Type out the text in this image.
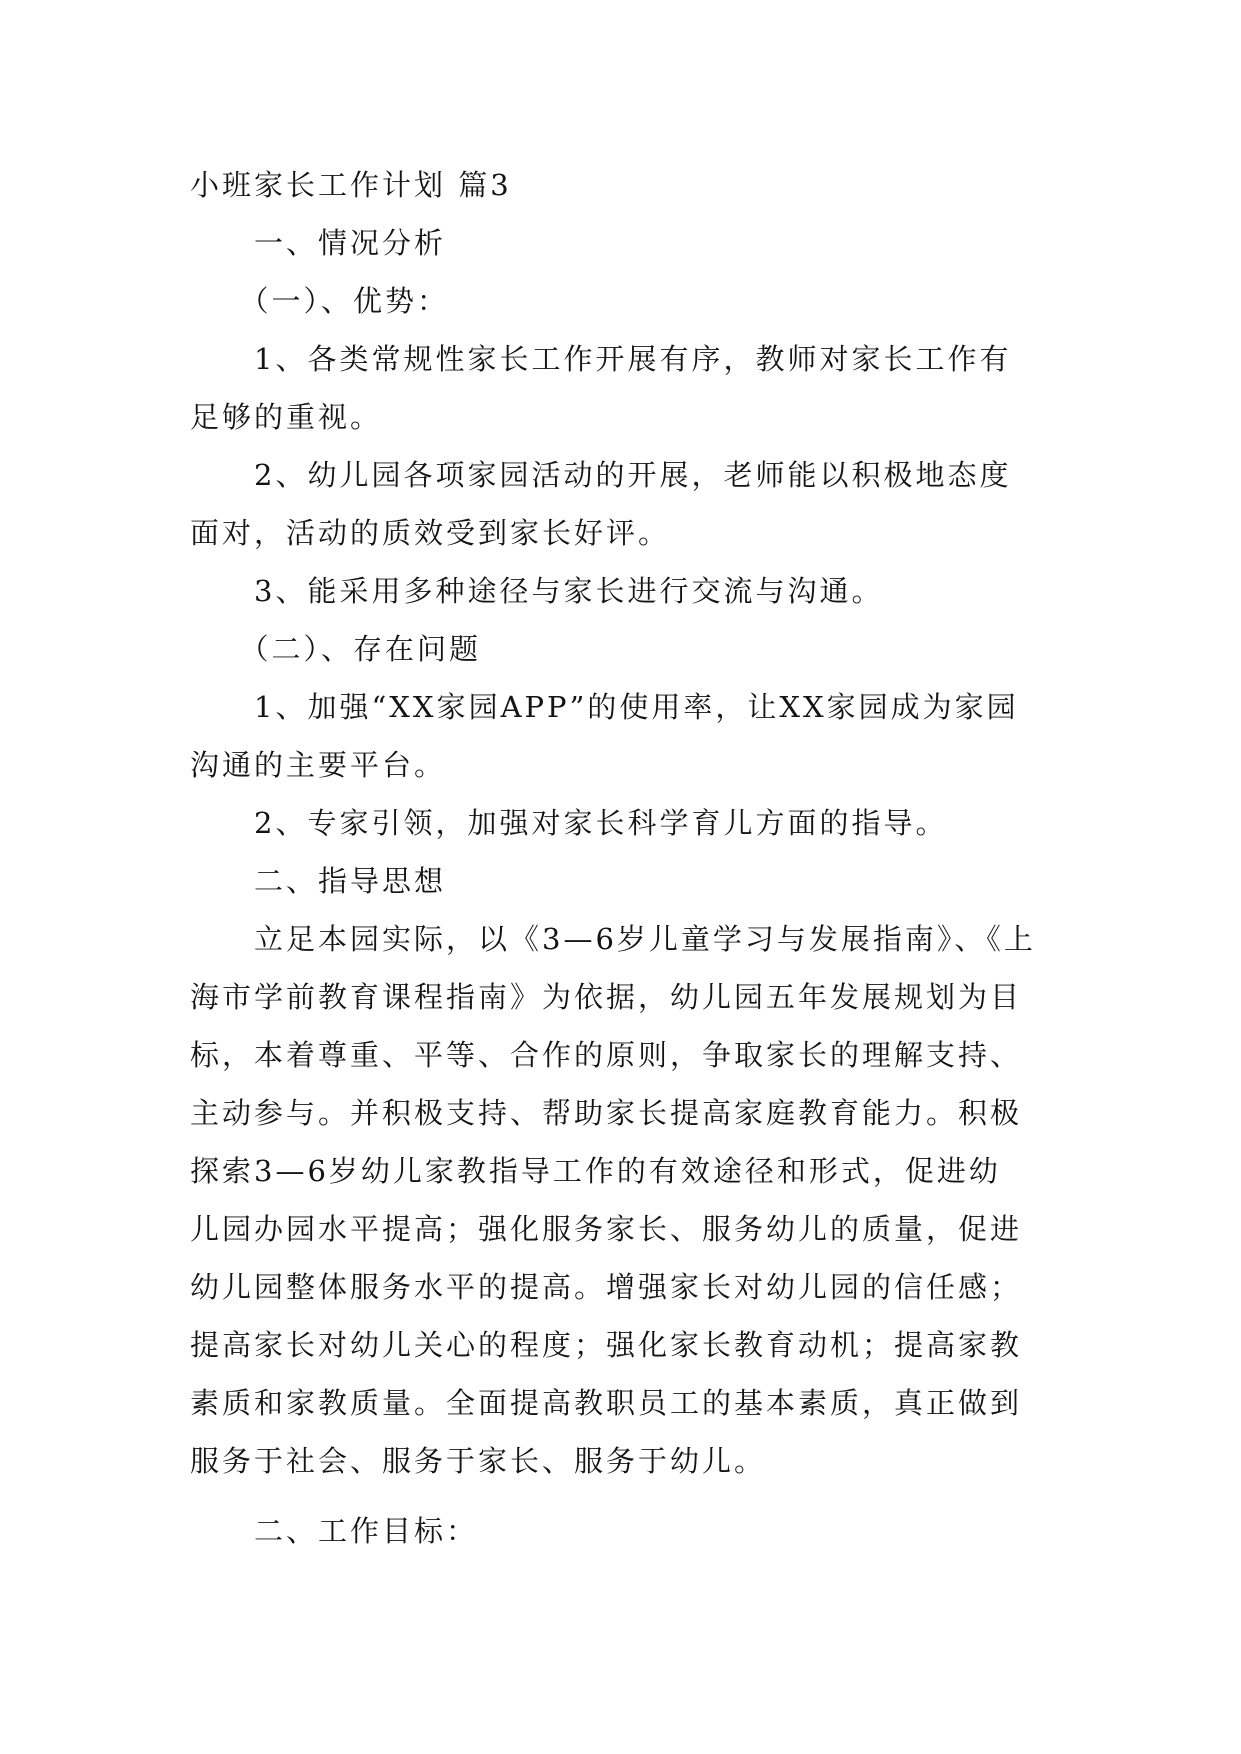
小班家长工作计划 篇3
　　一、情况分析
　　（一）、优势：
　　1、各类常规性家长工作开展有序，教师对家长工作有
足够的重视。
　　2、幼儿园各项家园活动的开展，老师能以积极地态度
面对，活动的质效受到家长好评。
　　3、能采用多种途径与家长进行交流与沟通。
　　（二）、存在问题
　　1、加强“XX家园APP”的使用率，让XX家园成为家园
沟通的主要平台。
　　2、专家引领，加强对家长科学育儿方面的指导。
　　二、指导思想
　　立足本园实际，以《3—6岁儿童学习与发展指南》、《上
海市学前教育课程指南》为依据，幼儿园五年发展规划为目
标，本着尊重、平等、合作的原则，争取家长的理解支持、
主动参与。并积极支持、帮助家长提高家庭教育能力。积极
探索3—6岁幼儿家教指导工作的有效途径和形式，促进幼
儿园办园水平提高；强化服务家长、服务幼儿的质量，促进
幼儿园整体服务水平的提高。增强家长对幼儿园的信任感；
提高家长对幼儿关心的程度；强化家长教育动机；提高家教
素质和家教质量。全面提高教职员工的基本素质，真正做到
服务于社会、服务于家长、服务于幼儿。
　　二、工作目标：
